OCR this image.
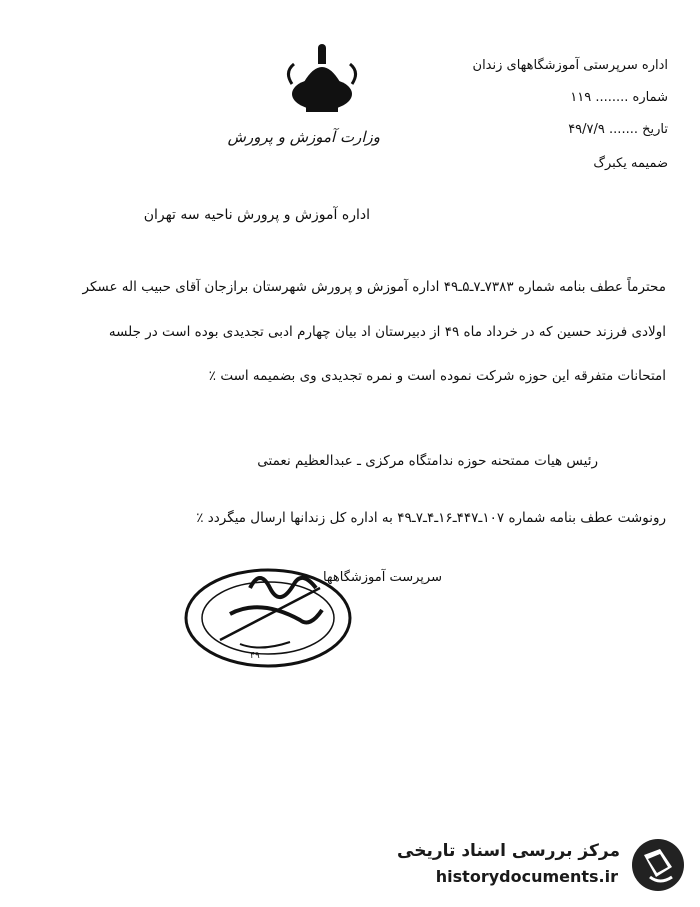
وزارت آموزش و پرورش
اداره سرپرستی آموزشگاههای زندان
شماره ........ ۱۱۹
تاریخ ....... ۴۹/۷/۹
ضمیمه یکبرگ
اداره آموزش و پرورش ناحیه سه تهران
محترماً عطف بنامه شماره ۷۳۸۳ـ۷ـ۵ـ۴۹ اداره آموزش و پرورش شهرستان برازجان آقای حبیب اله عسکر
اولادی فرزند حسین که در خرداد ماه ۴۹ از دبیرستان اد بیان چهارم ادبی تجدیدی بوده است در جلسه
امتحانات متفرقه این حوزه شرکت نموده است و نمره تجدیدی وی بضمیمه است ٪
رئیس هیات ممتحنه حوزه ندامتگاه مرکزی ـ عبدالعظیم نعمتی
رونوشت عطف بنامه شماره ۱۰۷ـ۴۴۷ـ۱۶ـ۴ـ۷ـ۴۹ به اداره کل زندانها ارسال میگردد ٪
۴۹
سرپرست آموزشگاهها
مرکز بررسی اسناد تاریخی
historydocuments.ir
